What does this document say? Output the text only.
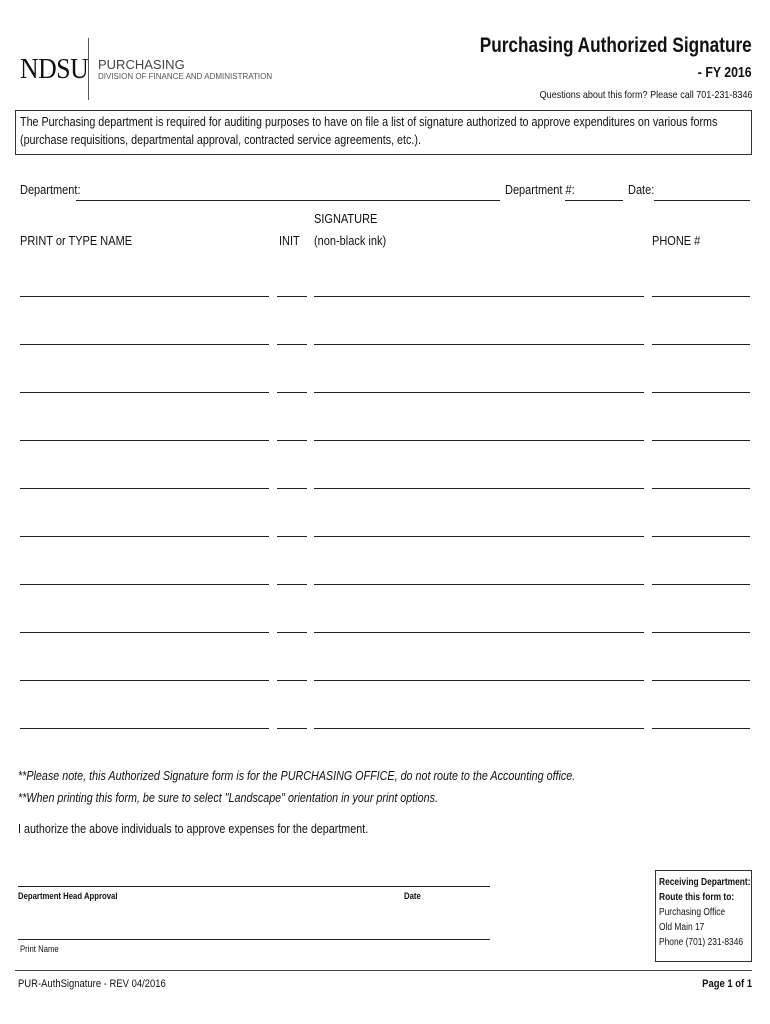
NDSU PURCHASING
DIVISION OF FINANCE AND ADMINISTRATION
Purchasing Authorized Signature
- FY 2016
Questions about this form? Please call 701-231-8346
The Purchasing department is required for auditing purposes to have on file a list of signature authorized to approve expenditures on various forms (purchase requisitions, departmental approval, contracted service agreements, etc.).
Department:	Department #:	Date:
PRINT or TYPE NAME	INIT
SIGNATURE
(non-black ink)	PHONE #
**Please note, this Authorized Signature form is for the PURCHASING OFFICE, do not route to the Accounting office.
**When printing this form, be sure to select "Landscape" orientation in your print options.
I authorize the above individuals to approve expenses for the department.
Department Head Approval	Date
Print Name
Receiving Department:
Route this form to:
Purchasing Office
Old Main 17
Phone (701) 231-8346
PUR-AuthSignature - REV 04/2016	Page 1 of 1
